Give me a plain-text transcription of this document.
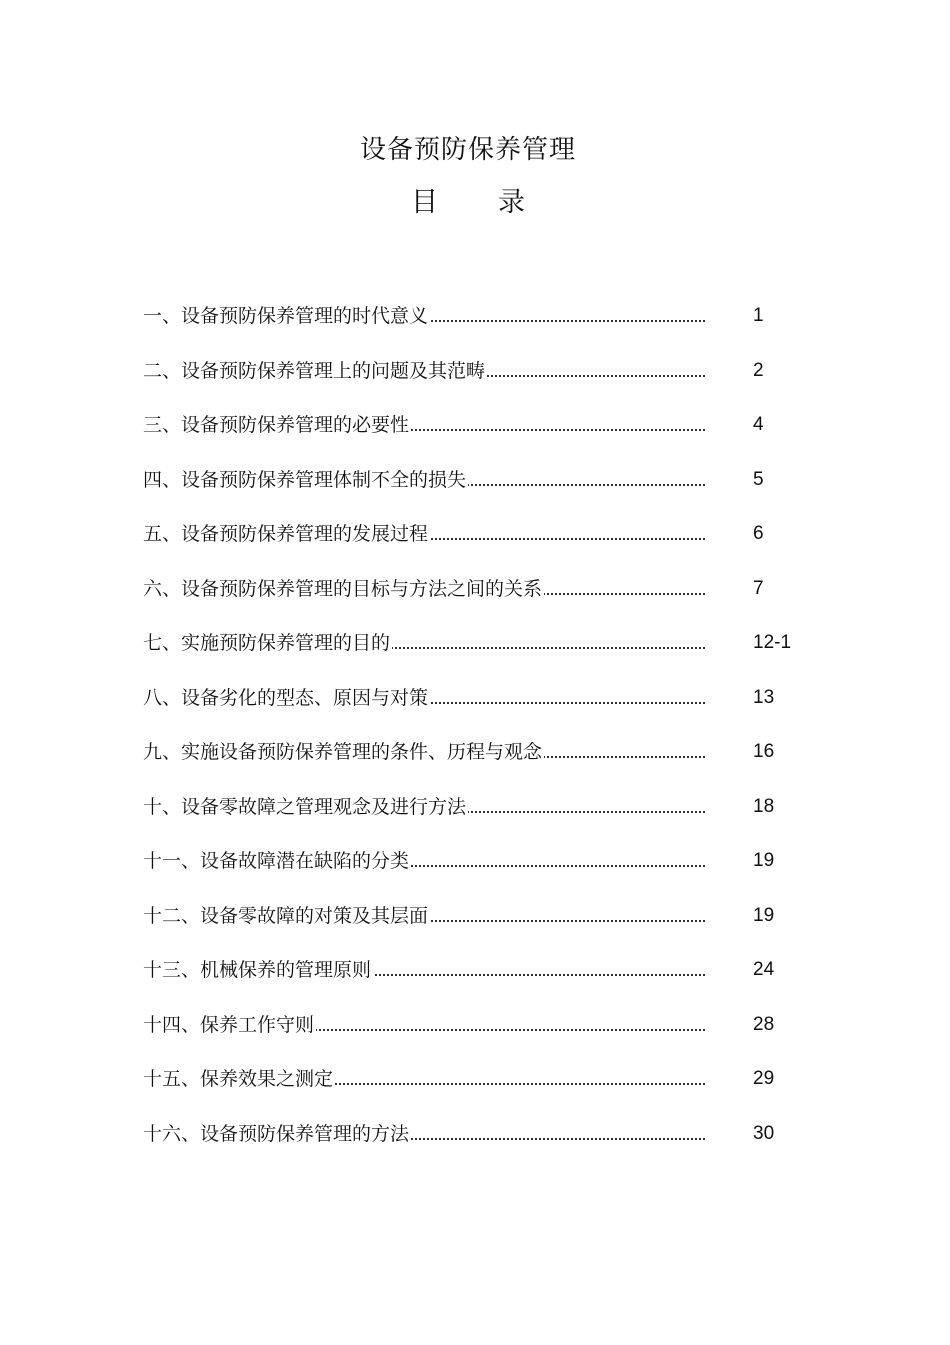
设备预防保养管理
目 录
一、设备预防保养管理的时代意义	1
二、设备预防保养管理上的问题及其范畴	2
三、设备预防保养管理的必要性	4
四、设备预防保养管理体制不全的损失	5
五、设备预防保养管理的发展过程	6
六、设备预防保养管理的目标与方法之间的关系	7
七、实施预防保养管理的目的	12-1
八、设备劣化的型态、原因与对策	13
九、实施设备预防保养管理的条件、历程与观念	16
十、设备零故障之管理观念及进行方法	18
十一、设备故障潜在缺陷的分类	19
十二、设备零故障的对策及其层面	19
十三、机械保养的管理原则	24
十四、保养工作守则	28
十五、保养效果之测定	29
十六、设备预防保养管理的方法	30
